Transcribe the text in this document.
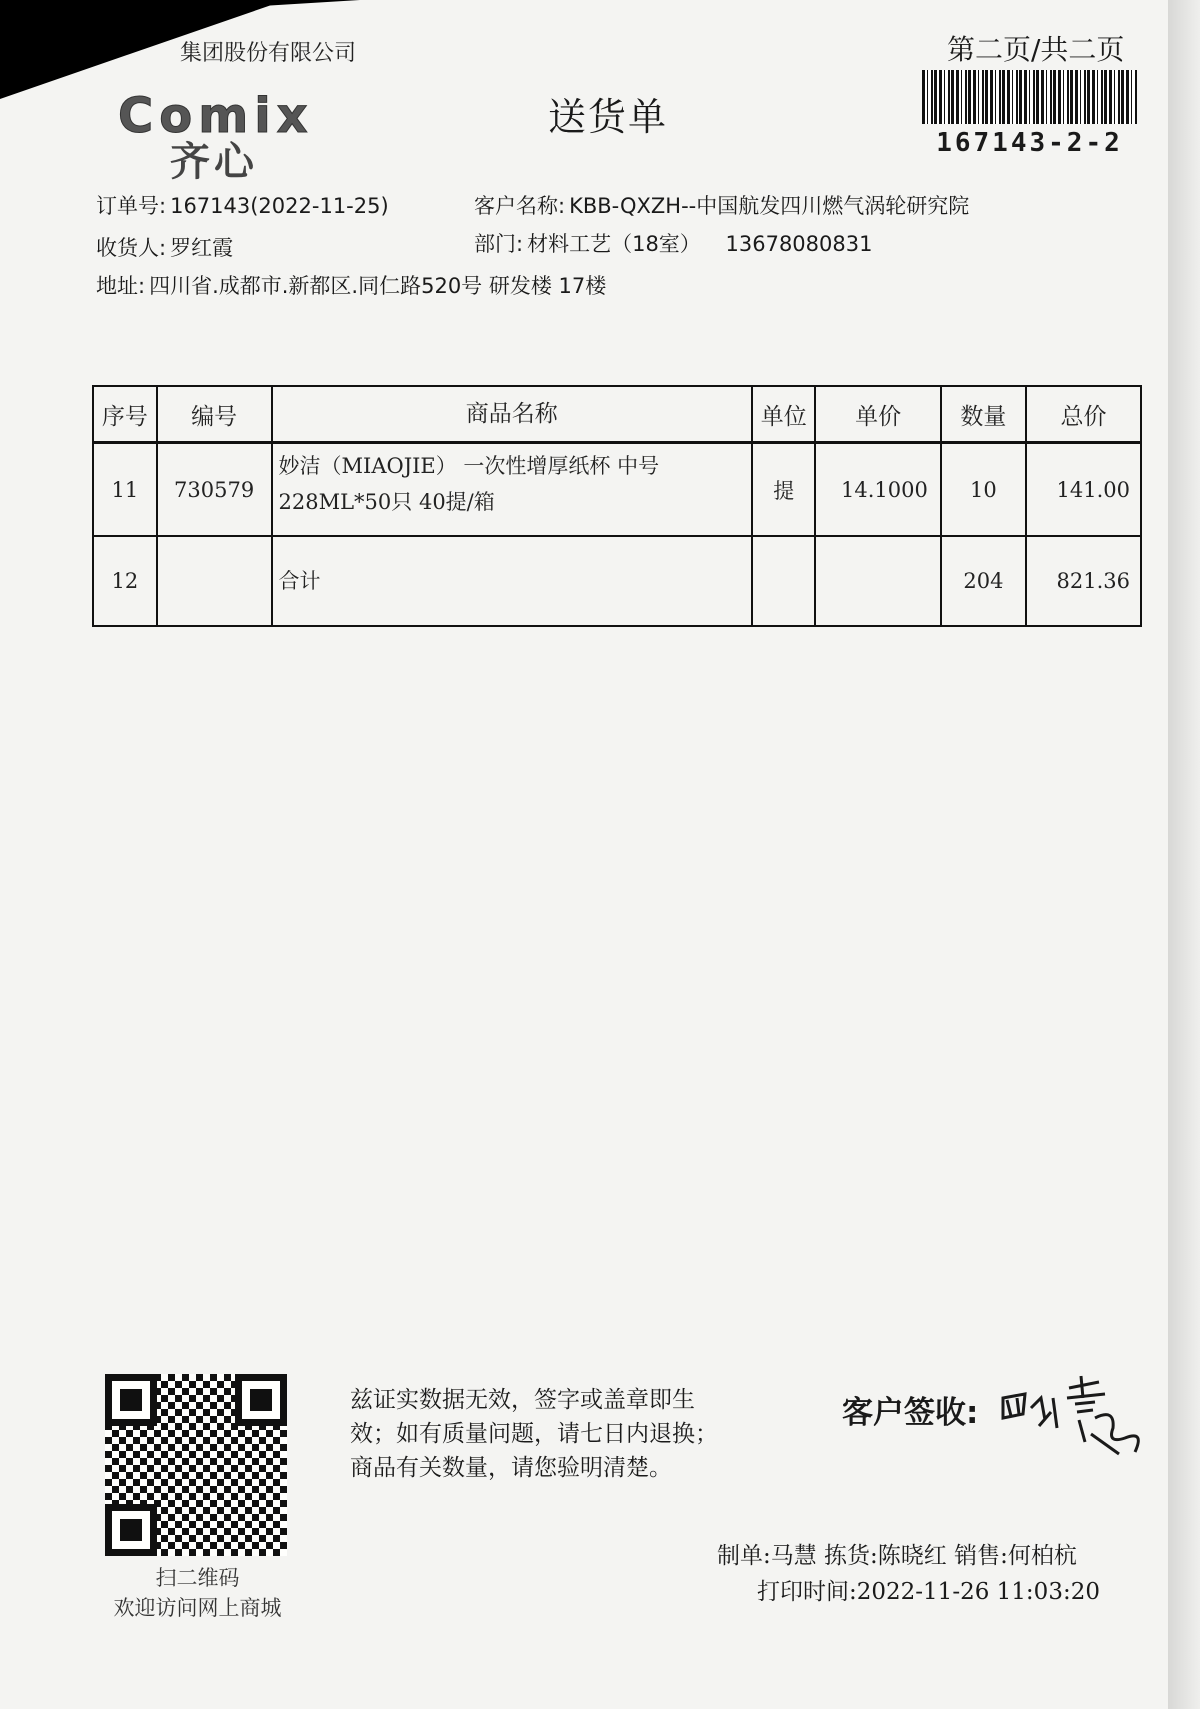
集团股份有限公司
Comix
齐心
送货单
第二页/共二页
167143-2-2
订单号: 167143(2022-11-25)	客户名称: KBB-QXZH--中国航发四川燃气涡轮研究院
收货人: 罗红霞	部门: 材料工艺（18室） 13678080831
地址: 四川省.成都市.新都区.同仁路520号 研发楼 17楼
序号	编号	商品名称	单位	单价	数量	总价
11	730579	妙洁（MIAOJIE） 一次性增厚纸杯 中号
228ML*50只 40提/箱	提	14.1000	10	141.00
12		合计			204	821.36
扫二维码
欢迎访问网上商城
兹证实数据无效，签字或盖章即生
效；如有质量问题，请七日内退换；
商品有关数量，请您验明清楚。
客户签收:
制单:马慧 拣货:陈晓红 销售:何柏杭
打印时间:2022-11-26 11:03:20
